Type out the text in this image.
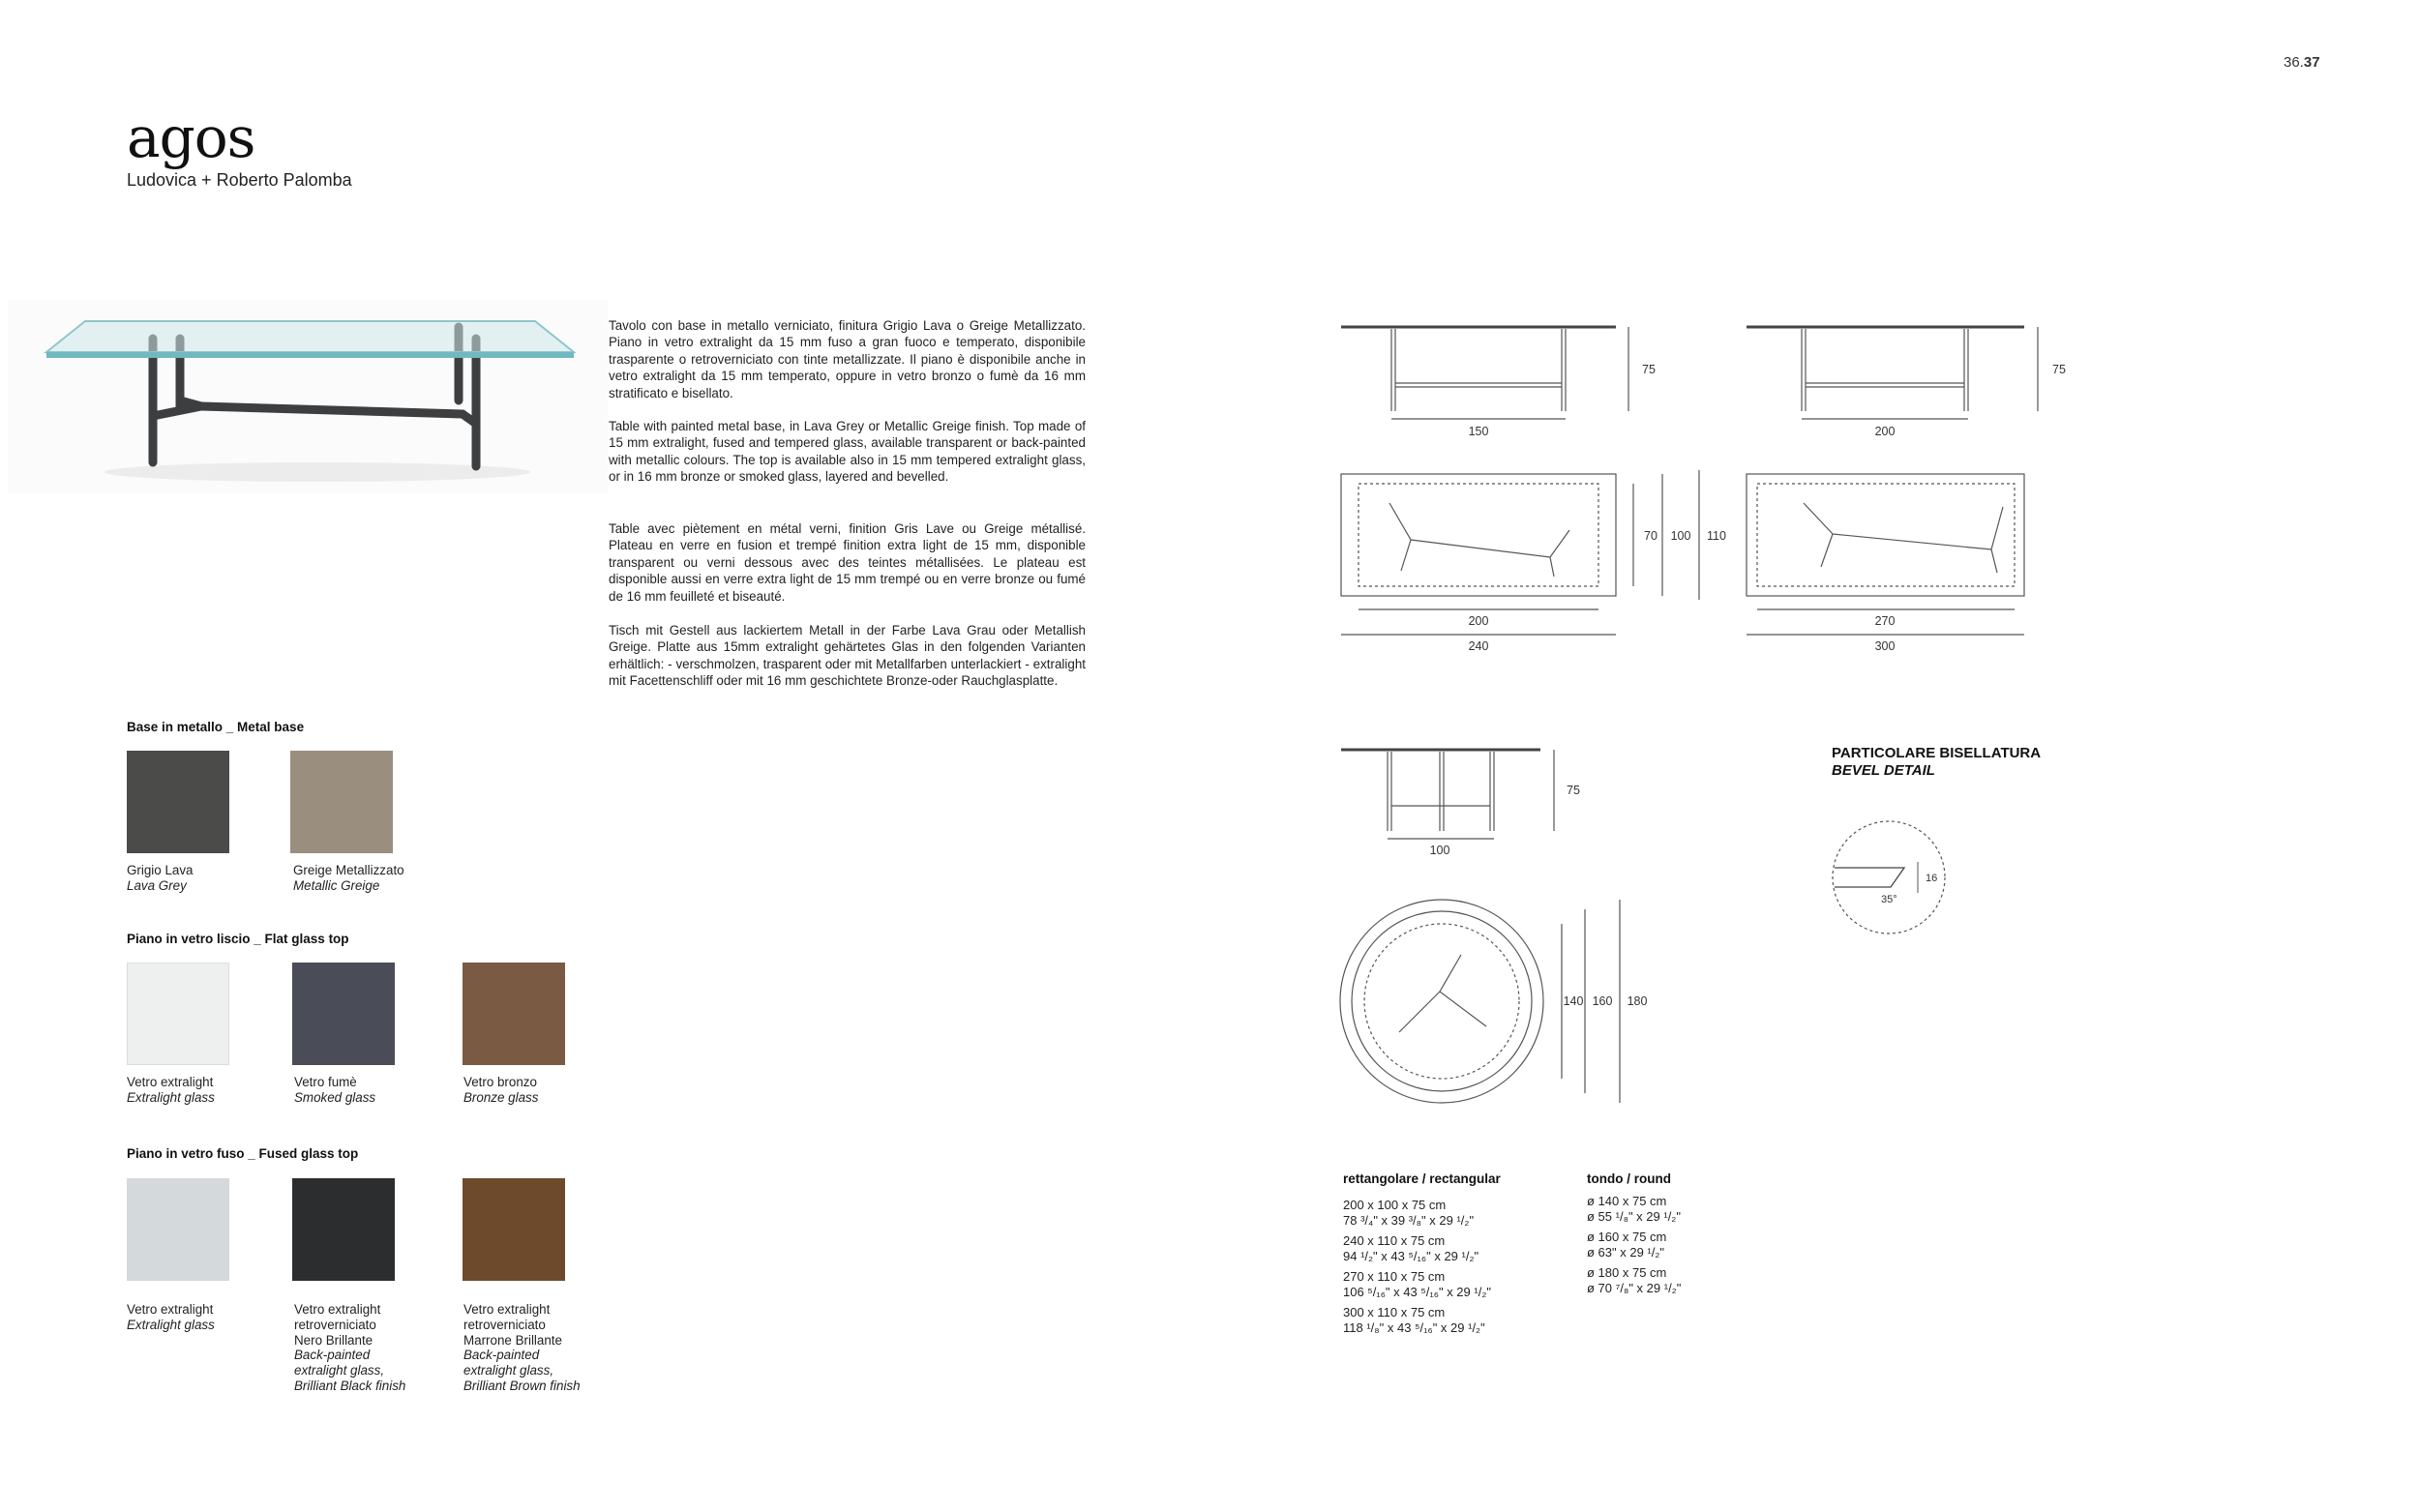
36.37
agos
Ludovica + Roberto Palomba
Tavolo con base in metallo verniciato, finitura Grigio Lava o Greige Metallizzato. Piano in vetro extralight da 15 mm fuso a gran fuoco e temperato, disponibile trasparente o retroverniciato con tinte metallizzate. Il piano è disponibile anche in vetro extralight da 15 mm temperato, oppure in vetro bronzo o fumè da 16 mm stratificato e bisellato.
Table with painted metal base, in Lava Grey or Metallic Greige finish. Top made of 15 mm extralight, fused and tempered glass, available transparent or back-painted with metallic colours. The top is available also in 15 mm tempered extralight glass, or in 16 mm bronze or smoked glass, layered and bevelled.
Table avec piètement en métal verni, finition Gris Lave ou Greige métallisé. Plateau en verre en fusion et trempé finition extra light de 15 mm, disponible transparent ou verni dessous avec des teintes métallisées. Le plateau est disponible aussi en verre extra light de 15 mm trempé ou en verre bronze ou fumé de 16 mm feuilleté et biseauté.
Tisch mit Gestell aus lackiertem Metall in der Farbe Lava Grau oder Metallish Greige. Platte aus 15mm extralight gehärtetes Glas in den folgenden Varianten erhältlich: - verschmolzen, trasparent oder mit Metallfarben unterlackiert - extralight mit Facettenschliff oder mit 16 mm geschichtete Bronze-oder Rauchglasplatte.
Base in metallo _ Metal base
Grigio Lava
Lava Grey
Greige Metallizzato
Metallic Greige
Piano in vetro liscio _ Flat glass top
Vetro extralight
Extralight glass
Vetro fumè
Smoked glass
Vetro bronzo
Bronze glass
Piano in vetro fuso _ Fused glass top
Vetro extralight
Extralight glass
Vetro extralight
retroverniciato
Nero Brillante
Back-painted
extralight glass,
Brilliant Black finish
Vetro extralight
retroverniciato
Marrone Brillante
Back-painted
extralight glass,
Brilliant Brown finish
150
75
200
75
70 100 110
200
240
270
300
100
75
140 160 180
PARTICOLARE BISELLATURA
BEVEL DETAIL
35°
16
rettangolare / rectangular
200 x 100 x 75 cm
78 ³/₄" x 39 ³/₈" x 29 ¹/₂"
240 x 110 x 75 cm
94 ¹/₂" x 43 ⁵/₁₆" x 29 ¹/₂"
270 x 110 x 75 cm
106 ⁵/₁₆" x 43 ⁵/₁₆" x 29 ¹/₂"
300 x 110 x 75 cm
118 ¹/₈" x 43 ⁵/₁₆" x 29 ¹/₂"
tondo / round
ø 140 x 75 cm
ø 55 ¹/₈" x 29 ¹/₂"
ø 160 x 75 cm
ø 63" x 29 ¹/₂"
ø 180 x 75 cm
ø 70 ⁷/₈" x 29 ¹/₂"
